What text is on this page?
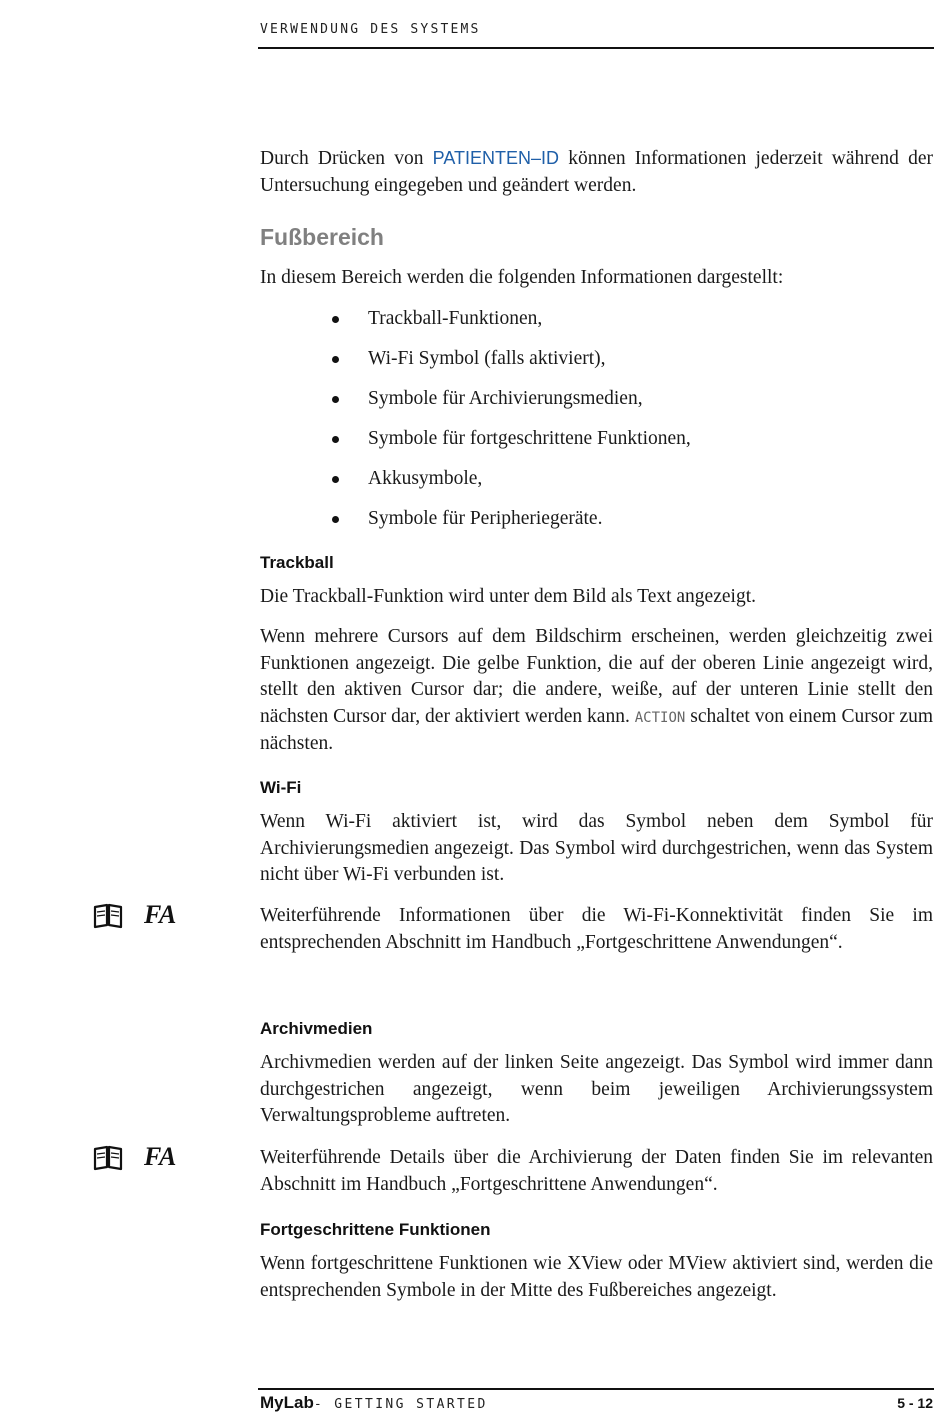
VERWENDUNG DES SYSTEMS

Durch Drücken von PATIENTEN–ID können Informationen jederzeit während der Untersuchung eingegeben und geändert werden.

Fußbereich

In diesem Bereich werden die folgenden Informationen dargestellt:

Trackball-Funktionen,
Wi-Fi Symbol (falls aktiviert),
Symbole für Archivierungsmedien,
Symbole für fortgeschrittene Funktionen,
Akkusymbole,
Symbole für Peripheriegeräte.
Trackball

Die Trackball-Funktion wird unter dem Bild als Text angezeigt.

Wenn mehrere Cursors auf dem Bildschirm erscheinen, werden gleichzeitig zwei Funktionen angezeigt. Die gelbe Funktion, die auf der oberen Linie angezeigt wird, stellt den aktiven Cursor dar; die andere, weiße, auf der unteren Linie stellt den nächsten Cursor dar, der aktiviert werden kann. ACTION schaltet von einem Cursor zum nächsten.

Wi-Fi

Wenn Wi-Fi aktiviert ist, wird das Symbol neben dem Symbol für Archivierungsmedien angezeigt. Das Symbol wird durchgestrichen, wenn das System nicht über Wi-Fi verbunden ist.

FA	Weiterführende Informationen über die Wi-Fi-Konnektivität finden Sie im entsprechenden Abschnitt im Handbuch „Fortgeschrittene Anwendungen“.

Archivmedien

Archivmedien werden auf der linken Seite angezeigt. Das Symbol wird immer dann durchgestrichen angezeigt, wenn beim jeweiligen Archivierungssystem Verwaltungsprobleme auftreten.

FA	Weiterführende Details über die Archivierung der Daten finden Sie im relevanten Abschnitt im Handbuch „Fortgeschrittene Anwendungen“.

Fortgeschrittene Funktionen

Wenn fortgeschrittene Funktionen wie XView oder MView aktiviert sind, werden die entsprechenden Symbole in der Mitte des Fußbereiches angezeigt.

MyLab - GETTING STARTED	5 - 12
